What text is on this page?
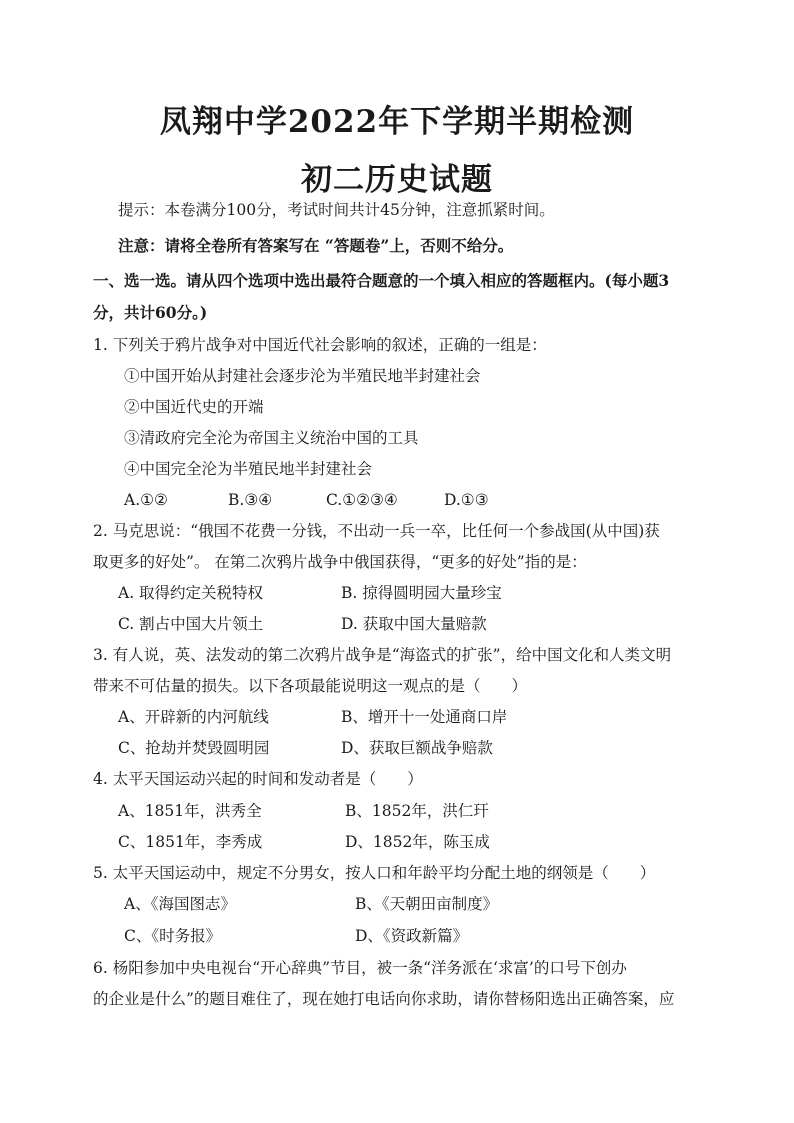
凤翔中学2022年下学期半期检测
初二历史试题
提示：本卷满分100分，考试时间共计45分钟，注意抓紧时间。
注意：请将全卷所有答案写在 “答题卷”上，否则不给分。
一、选一选。请从四个选项中选出最符合题意的一个填入相应的答题框内。(每小题3
分，共计60分。)
1. 下列关于鸦片战争对中国近代社会影响的叙述，正确的一组是：
①中国开始从封建社会逐步沦为半殖民地半封建社会
②中国近代史的开端
③清政府完全沦为帝国主义统治中国的工具
④中国完全沦为半殖民地半封建社会
A.①②	B.③④	C.①②③④	D.①③
2. 马克思说：“俄国不花费一分钱，不出动一兵一卒，比任何一个参战国(从中国)获
取更多的好处”。 在第二次鸦片战争中俄国获得，“更多的好处”指的是：
A. 取得约定关税特权	B. 掠得圆明园大量珍宝
C. 割占中国大片领土	D. 获取中国大量赔款
3. 有人说，英、法发动的第二次鸦片战争是“海盗式的扩张”，给中国文化和人类文明
带来不可估量的损失。以下各项最能说明这一观点的是（　　）
A、开辟新的内河航线	B、增开十一处通商口岸
C、抢劫并焚毁圆明园	D、获取巨额战争赔款
4. 太平天国运动兴起的时间和发动者是（　　）
A、1851年，洪秀全	B、1852年，洪仁玕
C、1851年，李秀成	D、1852年，陈玉成
5. 太平天国运动中，规定不分男女，按人口和年龄平均分配土地的纲领是（　　）
A、《海国图志》	B、《天朝田亩制度》
C、《时务报》	D、《资政新篇》
6. 杨阳参加中央电视台“开心辞典”节目，被一条“洋务派在‘求富’的口号下创办
的企业是什么”的题目难住了，现在她打电话向你求助，请你替杨阳选出正确答案，应
